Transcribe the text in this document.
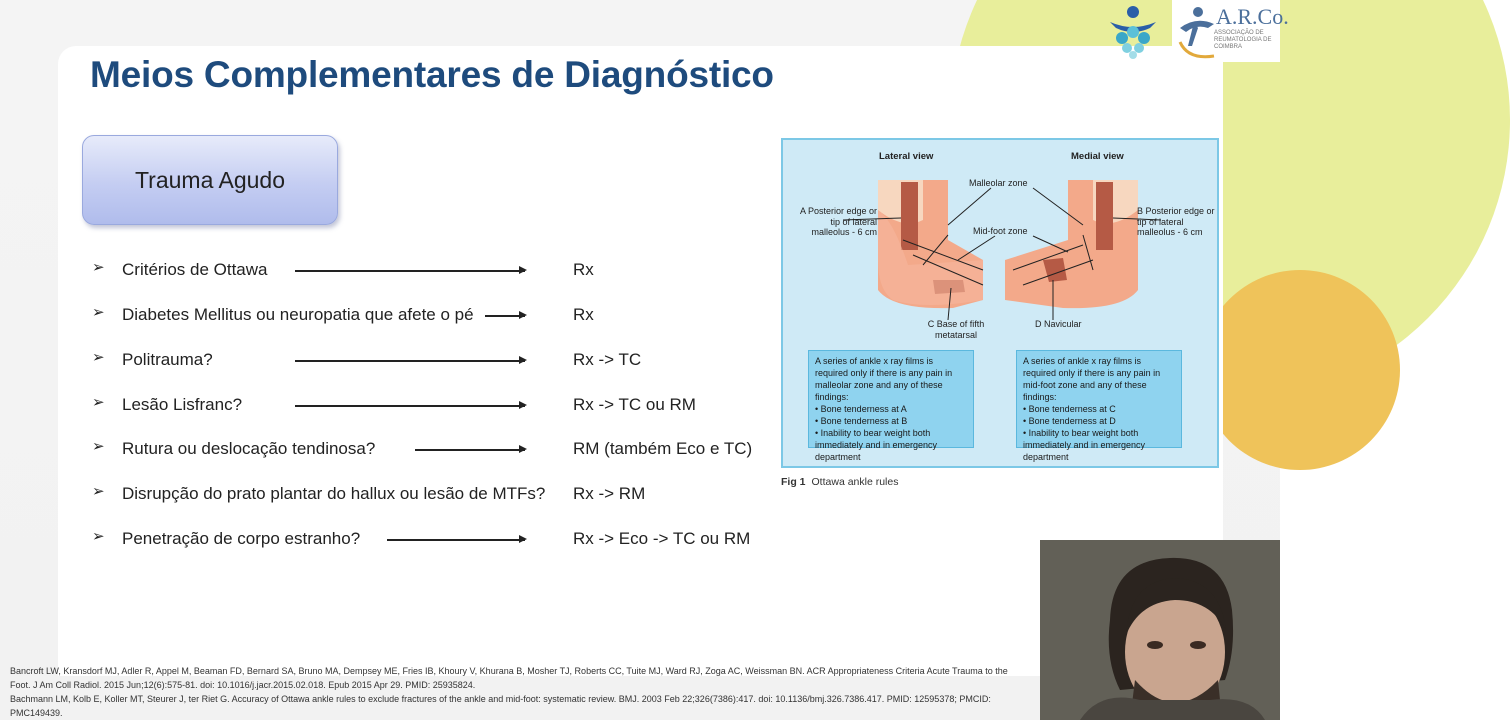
A.R.Co.
ASSOCIAÇÃO DE REUMATOLOGIA DE COIMBRA
Meios Complementares de Diagnóstico
Trauma Agudo
➢ Critérios de Ottawa	Rx
➢ Diabetes Mellitus ou neuropatia que afete o pé	Rx
➢ Politrauma?	Rx -> TC
➢ Lesão Lisfranc?	Rx -> TC ou RM
➢ Rutura ou deslocação tendinosa?	RM (também Eco e TC)
➢ Disrupção do prato plantar do hallux ou lesão de MTFs? Rx -> RM
➢ Penetração de corpo estranho?	Rx -> Eco -> TC ou RM
Lateral view	Medial view
Malleolar zone
Mid-foot zone
A Posterior edge or tip of lateral malleolus - 6 cm
B Posterior edge or tip of lateral malleolus - 6 cm
C Base of fifth metatarsal
D Navicular

A series of ankle x ray films is required only if there is any pain in malleolar zone and any of these findings:

• Bone tenderness at A

• Bone tenderness at B

• Inability to bear weight both immediately and in emergency department

A series of ankle x ray films is required only if there is any pain in mid-foot zone and any of these findings:

• Bone tenderness at C

• Bone tenderness at D

• Inability to bear weight both immediately and in emergency department

Fig 1 Ottawa ankle rules
Bancroft LW, Kransdorf MJ, Adler R, Appel M, Beaman FD, Bernard SA, Bruno MA, Dempsey ME, Fries IB, Khoury V, Khurana B, Mosher TJ, Roberts CC, Tuite MJ, Ward RJ, Zoga AC, Weissman BN. ACR Appropriateness Criteria Acute Trauma to the Foot. J Am Coll Radiol. 2015 Jun;12(6):575-81. doi: 10.1016/j.jacr.2015.02.018. Epub 2015 Apr 29. PMID: 25935824.
Bachmann LM, Kolb E, Koller MT, Steurer J, ter Riet G. Accuracy of Ottawa ankle rules to exclude fractures of the ankle and mid-foot: systematic review. BMJ. 2003 Feb 22;326(7386):417. doi: 10.1136/bmj.326.7386.417. PMID: 12595378; PMCID: PMC149439.
